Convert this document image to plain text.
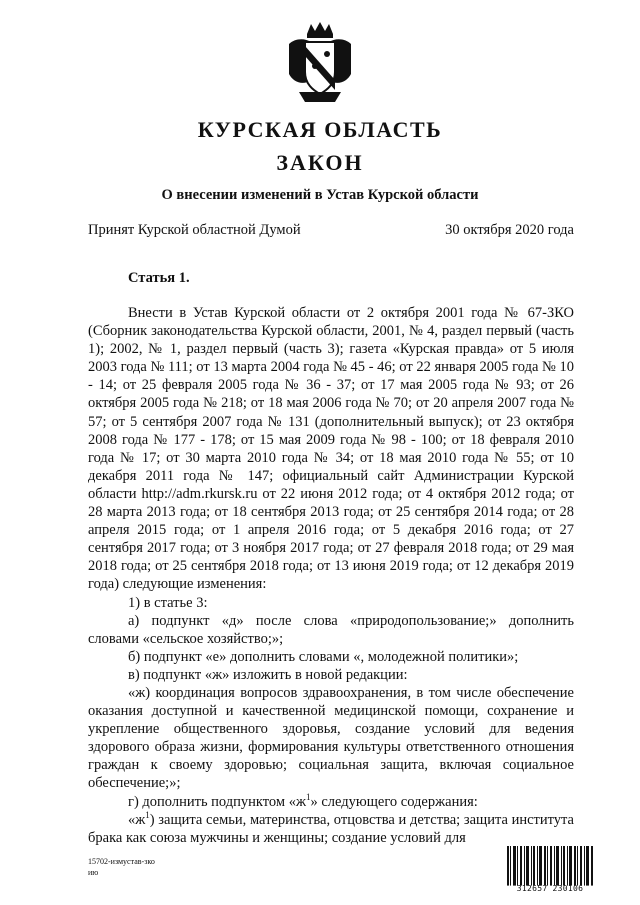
КУРСКАЯ ОБЛАСТЬ
ЗАКОН
О внесении изменений в Устав Курской области
Принят Курской областной Думой	30 октября 2020 года
Статья 1.

Внести в Устав Курской области от 2 октября 2001 года № 67-ЗКО (Сборник законодательства Курской области, 2001, № 4, раздел первый (часть 1); 2002, № 1, раздел первый (часть 3); газета «Курская правда» от 5 июля 2003 года № 111; от 13 марта 2004 года № 45 - 46; от 22 января 2005 года № 10 - 14; от 25 февраля 2005 года № 36 - 37; от 17 мая 2005 года № 93; от 26 октября 2005 года № 218; от 18 мая 2006 года № 70; от 20 апреля 2007 года № 57; от 5 сентября 2007 года № 131 (дополнительный выпуск); от 23 октября 2008 года № 177 - 178; от 15 мая 2009 года № 98 - 100; от 18 февраля 2010 года № 17; от 30 марта 2010 года № 34; от 18 мая 2010 года № 55; от 10 декабря 2011 года № 147; официальный сайт Администрации Курской области http://adm.rkursk.ru от 22 июня 2012 года; от 4 октября 2012 года; от 28 марта 2013 года; от 18 сентября 2013 года; от 25 сентября 2014 года; от 28 апреля 2015 года; от 1 апреля 2016 года; от 5 декабря 2016 года; от 27 сентября 2017 года; от 3 ноября 2017 года; от 27 февраля 2018 года; от 29 мая 2018 года; от 25 сентября 2018 года; от 13 июня 2019 года; от 12 декабря 2019 года) следующие изменения:

1) в статье 3:

а) подпункт «д» после слова «природопользование;» дополнить словами «сельское хозяйство;»;

б) подпункт «е» дополнить словами «, молодежной политики»;

в) подпункт «ж» изложить в новой редакции:

«ж) координация вопросов здравоохранения, в том числе обеспечение оказания доступной и качественной медицинской помощи, сохранение и укрепление общественного здоровья, создание условий для ведения здорового образа жизни, формирования культуры ответственного отношения граждан к своему здоровью; социальная защита, включая социальное обеспечение;»;

г) дополнить подпунктом «$ж^1$» следующего содержания:

«$ж^1$) защита семьи, материнства, отцовства и детства; защита института брака как союза мужчины и женщины; создание условий для

15702-измустав-зко
ию
312657 230106
